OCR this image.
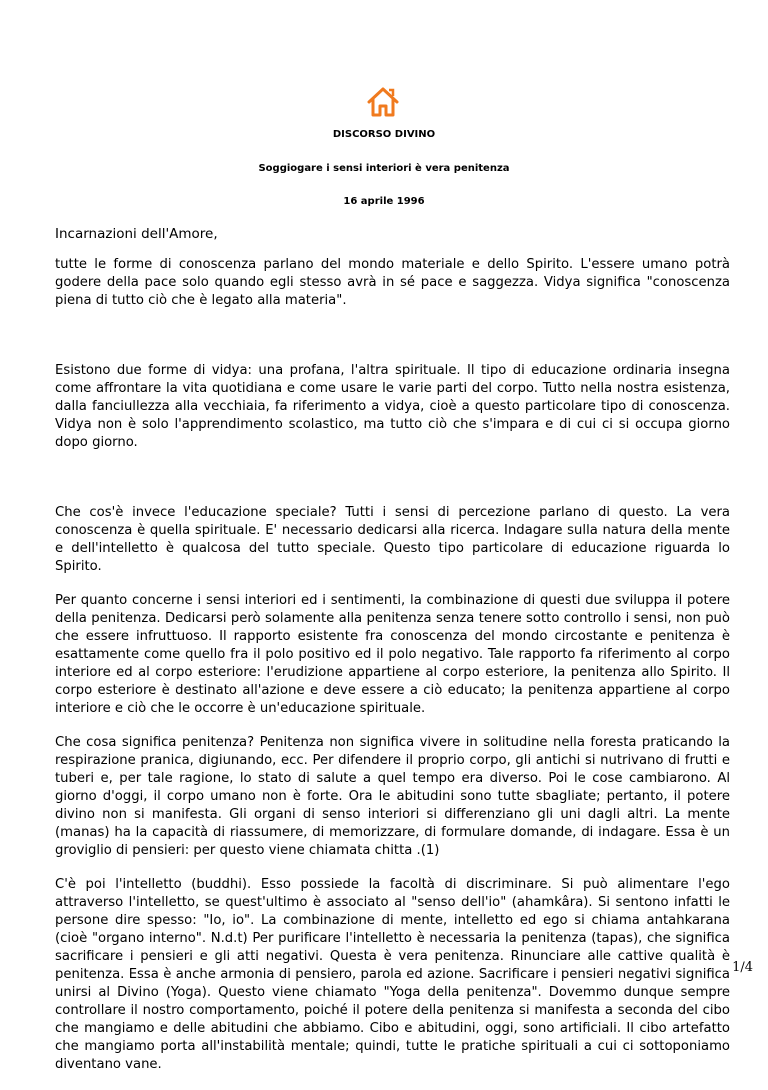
DISCORSO DIVINO
Soggiogare i sensi interiori è vera penitenza
16 aprile 1996

Incarnazioni dell'Amore,

tutte le forme di conoscenza parlano del mondo materiale e dello Spirito. L'essere umano potrà godere della pace solo quando egli stesso avrà in sé pace e saggezza. Vidya significa "conoscenza piena di tutto ciò che è legato alla materia".

Esistono due forme di vidya: una profana, l'altra spirituale. Il tipo di educazione ordinaria insegna come affrontare la vita quotidiana e come usare le varie parti del corpo. Tutto nella nostra esistenza, dalla fanciullezza alla vecchiaia, fa riferimento a vidya, cioè a questo particolare tipo di conoscenza. Vidya non è solo l'apprendimento scolastico, ma tutto ciò che s'impara e di cui ci si occupa giorno dopo giorno.

Che cos'è invece l'educazione speciale? Tutti i sensi di percezione parlano di questo. La vera conoscenza è quella spirituale. E' necessario dedicarsi alla ricerca. Indagare sulla natura della mente e dell'intelletto è qualcosa del tutto speciale. Questo tipo particolare di educazione riguarda lo Spirito.

Per quanto concerne i sensi interiori ed i sentimenti, la combinazione di questi due sviluppa il potere della penitenza. Dedicarsi però solamente alla penitenza senza tenere sotto controllo i sensi, non può che essere infruttuoso. Il rapporto esistente fra conoscenza del mondo circostante e penitenza è esattamente come quello fra il polo positivo ed il polo negativo. Tale rapporto fa riferimento al corpo interiore ed al corpo esteriore: l'erudizione appartiene al corpo esteriore, la penitenza allo Spirito. Il corpo esteriore è destinato all'azione e deve essere a ciò educato; la penitenza appartiene al corpo interiore e ciò che le occorre è un'educazione spirituale.

Che cosa significa penitenza? Penitenza non significa vivere in solitudine nella foresta praticando la respirazione pranica, digiunando, ecc. Per difendere il proprio corpo, gli antichi si nutrivano di frutti e tuberi e, per tale ragione, lo stato di salute a quel tempo era diverso. Poi le cose cambiarono. Al giorno d'oggi, il corpo umano non è forte. Ora le abitudini sono tutte sbagliate; pertanto, il potere divino non si manifesta. Gli organi di senso interiori si differenziano gli uni dagli altri. La mente (manas) ha la capacità di riassumere, di memorizzare, di formulare domande, di indagare. Essa è un groviglio di pensieri: per questo viene chiamata chitta .(1)

C'è poi l'intelletto (buddhi). Esso possiede la facoltà di discriminare. Si può alimentare l'ego attraverso l'intelletto, se quest'ultimo è associato al "senso dell'io" (ahamkâra). Si sentono infatti le persone dire spesso: "Io, io". La combinazione di mente, intelletto ed ego si chiama antahkarana (cioè "organo interno". N.d.t) Per purificare l'intelletto è necessaria la penitenza (tapas), che significa sacrificare i pensieri e gli atti negativi. Questa è vera penitenza. Rinunciare alle cattive qualità è penitenza. Essa è anche armonia di pensiero, parola ed azione. Sacrificare i pensieri negativi significa unirsi al Divino (Yoga). Questo viene chiamato "Yoga della penitenza". Dovemmo dunque sempre controllare il nostro comportamento, poiché il potere della penitenza si manifesta a seconda del cibo che mangiamo e delle abitudini che abbiamo. Cibo e abitudini, oggi, sono artificiali. Il cibo artefatto che mangiamo porta all'instabilità mentale; quindi, tutte le pratiche spirituali a cui ci sottoponiamo diventano vane.

1/4
